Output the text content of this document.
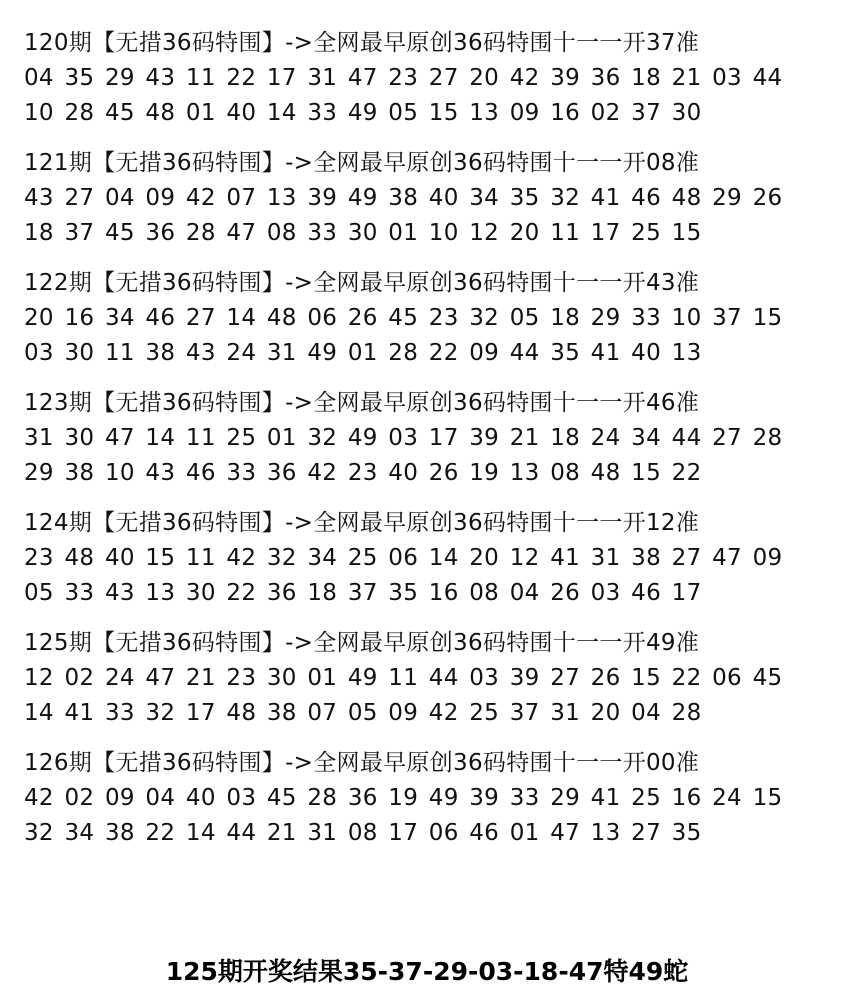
120期【无措36码特围】->全网最早原创36码特围十一一开37准
04 35 29 43 11 22 17 31 47 23 27 20 42 39 36 18 21 03 44
10 28 45 48 01 40 14 33 49 05 15 13 09 16 02 37 30
121期【无措36码特围】->全网最早原创36码特围十一一开08准
43 27 04 09 42 07 13 39 49 38 40 34 35 32 41 46 48 29 26
18 37 45 36 28 47 08 33 30 01 10 12 20 11 17 25 15
122期【无措36码特围】->全网最早原创36码特围十一一开43准
20 16 34 46 27 14 48 06 26 45 23 32 05 18 29 33 10 37 15
03 30 11 38 43 24 31 49 01 28 22 09 44 35 41 40 13
123期【无措36码特围】->全网最早原创36码特围十一一开46准
31 30 47 14 11 25 01 32 49 03 17 39 21 18 24 34 44 27 28
29 38 10 43 46 33 36 42 23 40 26 19 13 08 48 15 22
124期【无措36码特围】->全网最早原创36码特围十一一开12准
23 48 40 15 11 42 32 34 25 06 14 20 12 41 31 38 27 47 09
05 33 43 13 30 22 36 18 37 35 16 08 04 26 03 46 17
125期【无措36码特围】->全网最早原创36码特围十一一开49准
12 02 24 47 21 23 30 01 49 11 44 03 39 27 26 15 22 06 45
14 41 33 32 17 48 38 07 05 09 42 25 37 31 20 04 28
126期【无措36码特围】->全网最早原创36码特围十一一开00准
42 02 09 04 40 03 45 28 36 19 49 39 33 29 41 25 16 24 15
32 34 38 22 14 44 21 31 08 17 06 46 01 47 13 27 35
125期开奖结果35-37-29-03-18-47特49蛇
